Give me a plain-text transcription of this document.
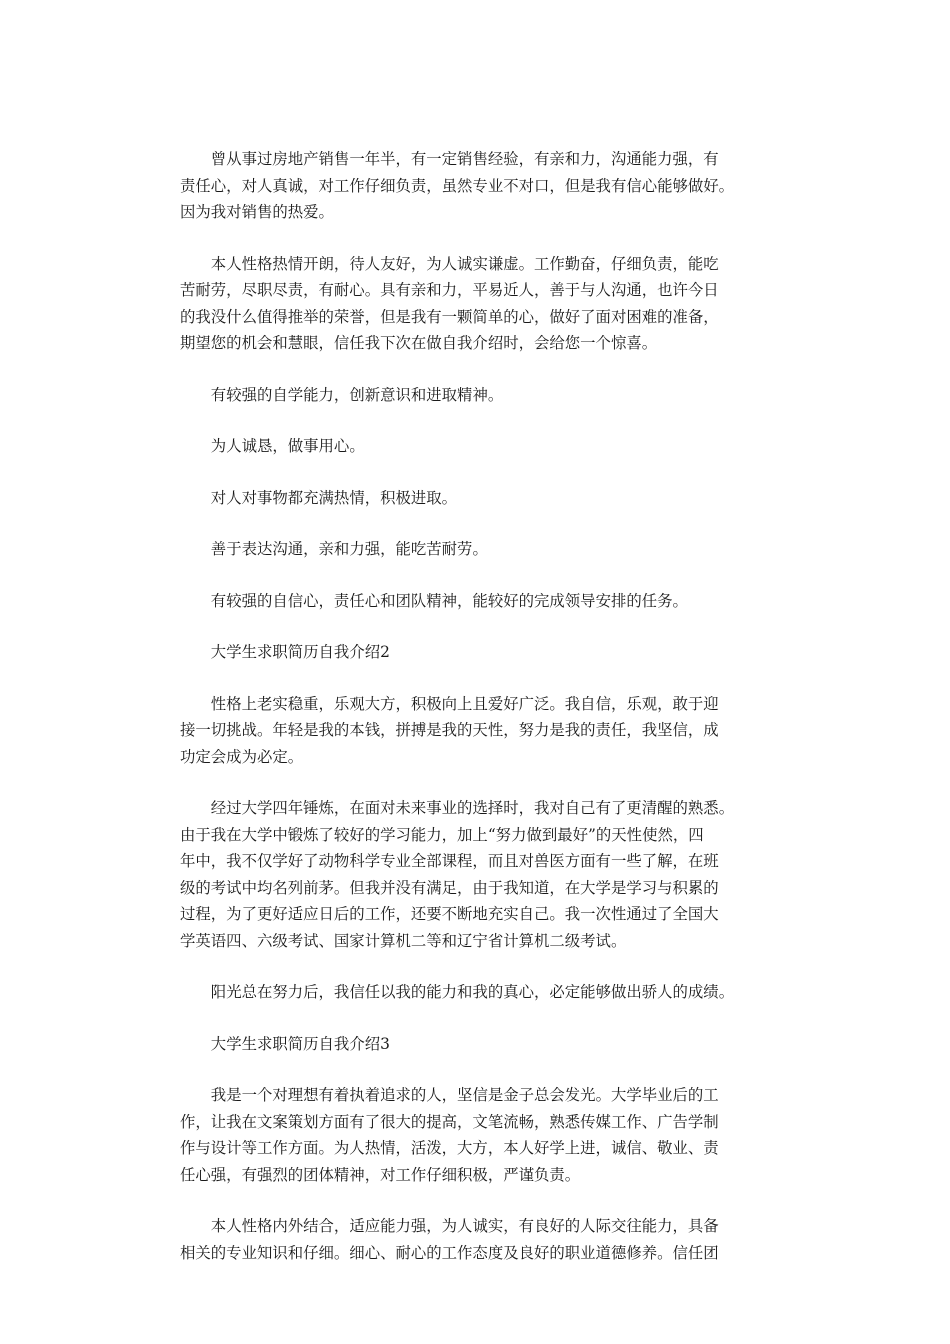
曾从事过房地产销售一年半，有一定销售经验，有亲和力，沟通能力强，有
责任心，对人真诚，对工作仔细负责，虽然专业不对口，但是我有信心能够做好。
因为我对销售的热爱。

本人性格热情开朗，待人友好，为人诚实谦虚。工作勤奋，仔细负责，能吃
苦耐劳，尽职尽责，有耐心。具有亲和力，平易近人，善于与人沟通，也许今日
的我没什么值得推举的荣誉，但是我有一颗简单的心，做好了面对困难的准备，
期望您的机会和慧眼，信任我下次在做自我介绍时，会给您一个惊喜。

有较强的自学能力，创新意识和进取精神。

为人诚恳，做事用心。

对人对事物都充满热情，积极进取。

善于表达沟通，亲和力强，能吃苦耐劳。

有较强的自信心，责任心和团队精神，能较好的完成领导安排的任务。

大学生求职简历自我介绍2

性格上老实稳重，乐观大方，积极向上且爱好广泛。我自信，乐观，敢于迎
接一切挑战。年轻是我的本钱，拼搏是我的天性，努力是我的责任，我坚信，成
功定会成为必定。

经过大学四年锤炼，在面对未来事业的选择时，我对自己有了更清醒的熟悉。
由于我在大学中锻炼了较好的学习能力，加上“努力做到最好”的天性使然，四
年中，我不仅学好了动物科学专业全部课程，而且对兽医方面有一些了解，在班
级的考试中均名列前茅。但我并没有满足，由于我知道，在大学是学习与积累的
过程，为了更好适应日后的工作，还要不断地充实自己。我一次性通过了全国大
学英语四、六级考试、国家计算机二等和辽宁省计算机二级考试。

阳光总在努力后，我信任以我的能力和我的真心，必定能够做出骄人的成绩。

大学生求职简历自我介绍3

我是一个对理想有着执着追求的人，坚信是金子总会发光。大学毕业后的工
作，让我在文案策划方面有了很大的提高，文笔流畅，熟悉传媒工作、广告学制
作与设计等工作方面。为人热情，活泼，大方，本人好学上进，诚信、敬业、责
任心强，有强烈的团体精神，对工作仔细积极，严谨负责。

本人性格内外结合，适应能力强，为人诚实，有良好的人际交往能力，具备
相关的专业知识和仔细。细心、耐心的工作态度及良好的职业道德修养。信任团
